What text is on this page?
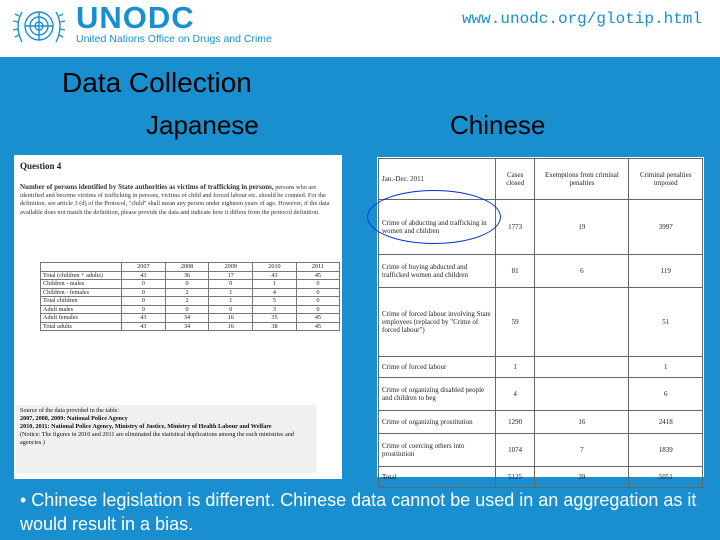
UNODC
United Nations Office on Drugs and Crime
www.unodc.org/glotip.html
Data Collection
Japanese	Chinese
Question 4
Number of persons identified by State authorities as victims of trafficking in persons, persons who are identified and become victims of trafficking in persons, victims of child and forced labour etc. should be counted. For the definition, see article 3 (d) of the Protocol, "child" shall mean any person under eighteen years of age. However, if the data available does not match the definition, please provide the data and indicate how it differs from the protocol definition.
	2007	2008	2009	2010	2011
Total (children + adults)	43	36	17	43	45
Children - males	0	0	0	1	0
Children - females	0	2	1	4	0
Total children	0	2	1	5	0
Adult males	0	0	0	3	0
Adult females	43	34	16	35	45
Total adults	43	34	16	38	45
Source of the data provided in the table:
2007, 2008, 2009: National Police Agency
2010, 2011: National Police Agency, Ministry of Justice, Ministry of Health Labour and Welfare
(Notice: The figures in 2010 and 2011 are eliminated the statistical duplications among the each ministries and agencies.)
Jan.-Dec. 2011	Cases closed	Exemptions from criminal penalties	Criminal penalties imposed
Crime of abducting and trafficking in women and children	1773	19	3997
Crime of buying abducted and trafficked women and children	81	6	119
Crime of forced labour involving State employees (replaced by "Crime of forced labour")	59		51
Crime of forced labour	1		1
Crime of organizing disabled people and children to beg	4		6
Crime of organizing prostitution	1290	16	2418
Crime of coercing others into prostitution	1074	7	1839
Total	5125	39	5051
• Chinese legislation is different. Chinese data cannot be used in an aggregation as it would result in a bias.
